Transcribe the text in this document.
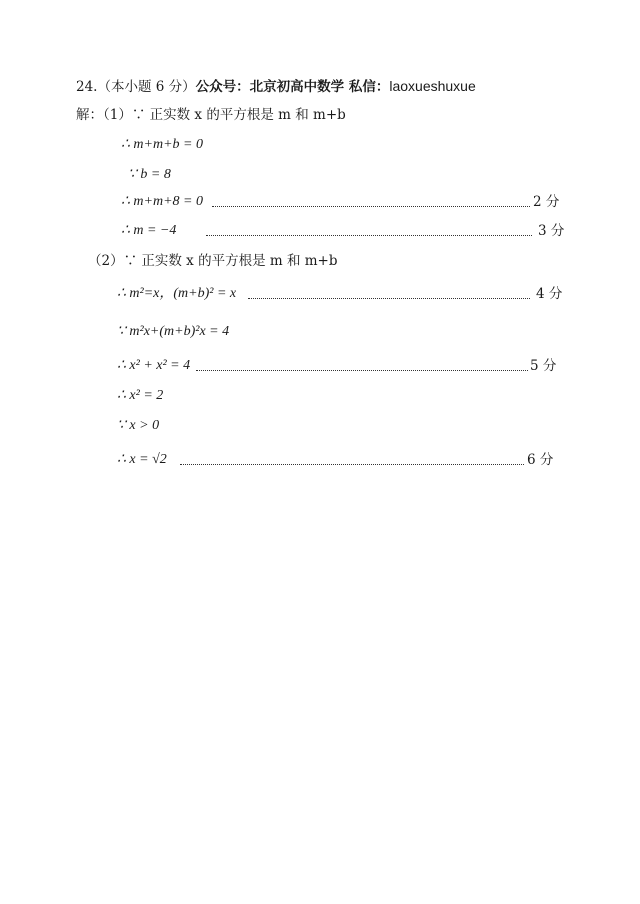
24.（本小题 6 分）公众号：北京初高中数学 私信：laoxueshuxue
解：（1）∵ 正实数 x 的平方根是 m 和 m+b
∴ m+m+b = 0
∵ b = 8
∴ m+m+8 = 0	2 分
∴ m = −4	3 分
（2）∵ 正实数 x 的平方根是 m 和 m+b
∴ m²=x，(m+b)² = x	4 分
∵ m²x+(m+b)²x = 4
∴ x² + x² = 4	5 分
∴ x² = 2
∵ x > 0
∴ x = √2	6 分
